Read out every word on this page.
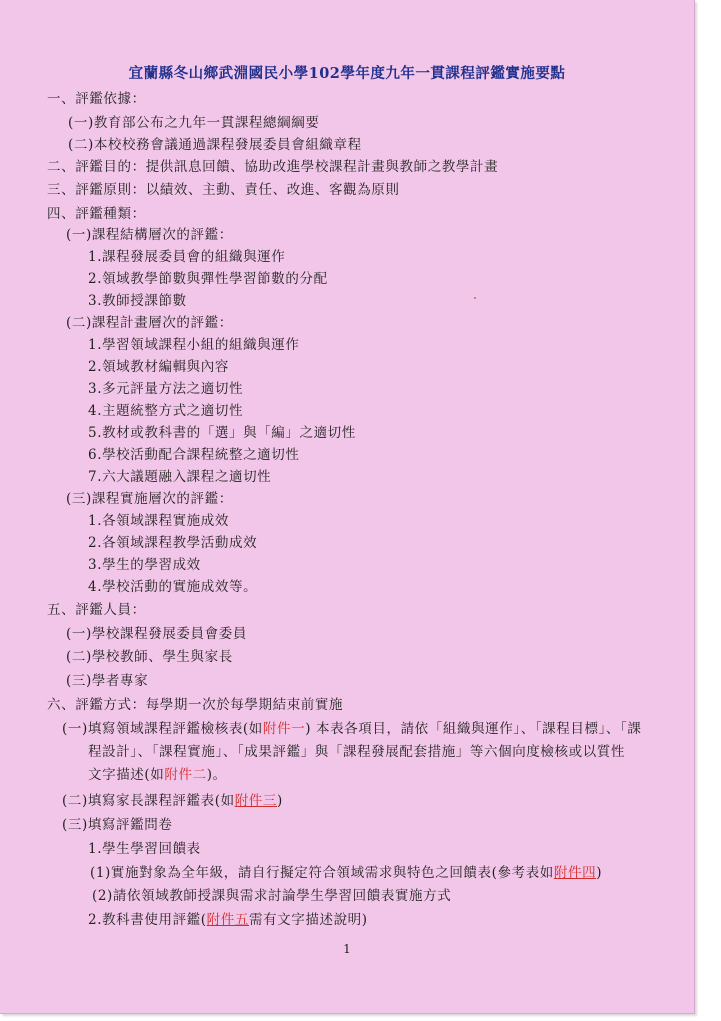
宜蘭縣冬山鄉武淵國民小學102學年度九年一貫課程評鑑實施要點
一、評鑑依據：
(一)教育部公布之九年一貫課程總綱綱要
(二)本校校務會議通過課程發展委員會組織章程
二、評鑑目的：提供訊息回饋、協助改進學校課程計畫與教師之教學計畫
三、評鑑原則：以績效、主動、責任、改進、客觀為原則
四、評鑑種類：
(一)課程結構層次的評鑑：
1.課程發展委員會的組織與運作
2.領域教學節數與彈性學習節數的分配
3.教師授課節數
(二)課程計畫層次的評鑑：
1.學習領域課程小組的組織與運作
2.領域教材編輯與內容
3.多元評量方法之適切性
4.主題統整方式之適切性
5.教材或教科書的「選」與「編」之適切性
6.學校活動配合課程統整之適切性
7.六大議題融入課程之適切性
(三)課程實施層次的評鑑：
1.各領域課程實施成效
2.各領域課程教學活動成效
3.學生的學習成效
4.學校活動的實施成效等。
五、評鑑人員：
(一)學校課程發展委員會委員
(二)學校教師、學生與家長
(三)學者專家
六、評鑑方式：每學期一次於每學期結束前實施
(一)填寫領域課程評鑑檢核表(如附件一) 本表各項目，請依「組織與運作」、「課程目標」、「課
程設計」、「課程實施」、「成果評鑑」與「課程發展配套措施」等六個向度檢核或以質性
文字描述(如附件二)。
(二)填寫家長課程評鑑表(如附件三)
(三)填寫評鑑問卷
1.學生學習回饋表
(1)實施對象為全年級，請自行擬定符合領域需求與特色之回饋表(參考表如附件四)
(2)請依領域教師授課與需求討論學生學習回饋表實施方式
2.教科書使用評鑑(附件五需有文字描述說明)
1
